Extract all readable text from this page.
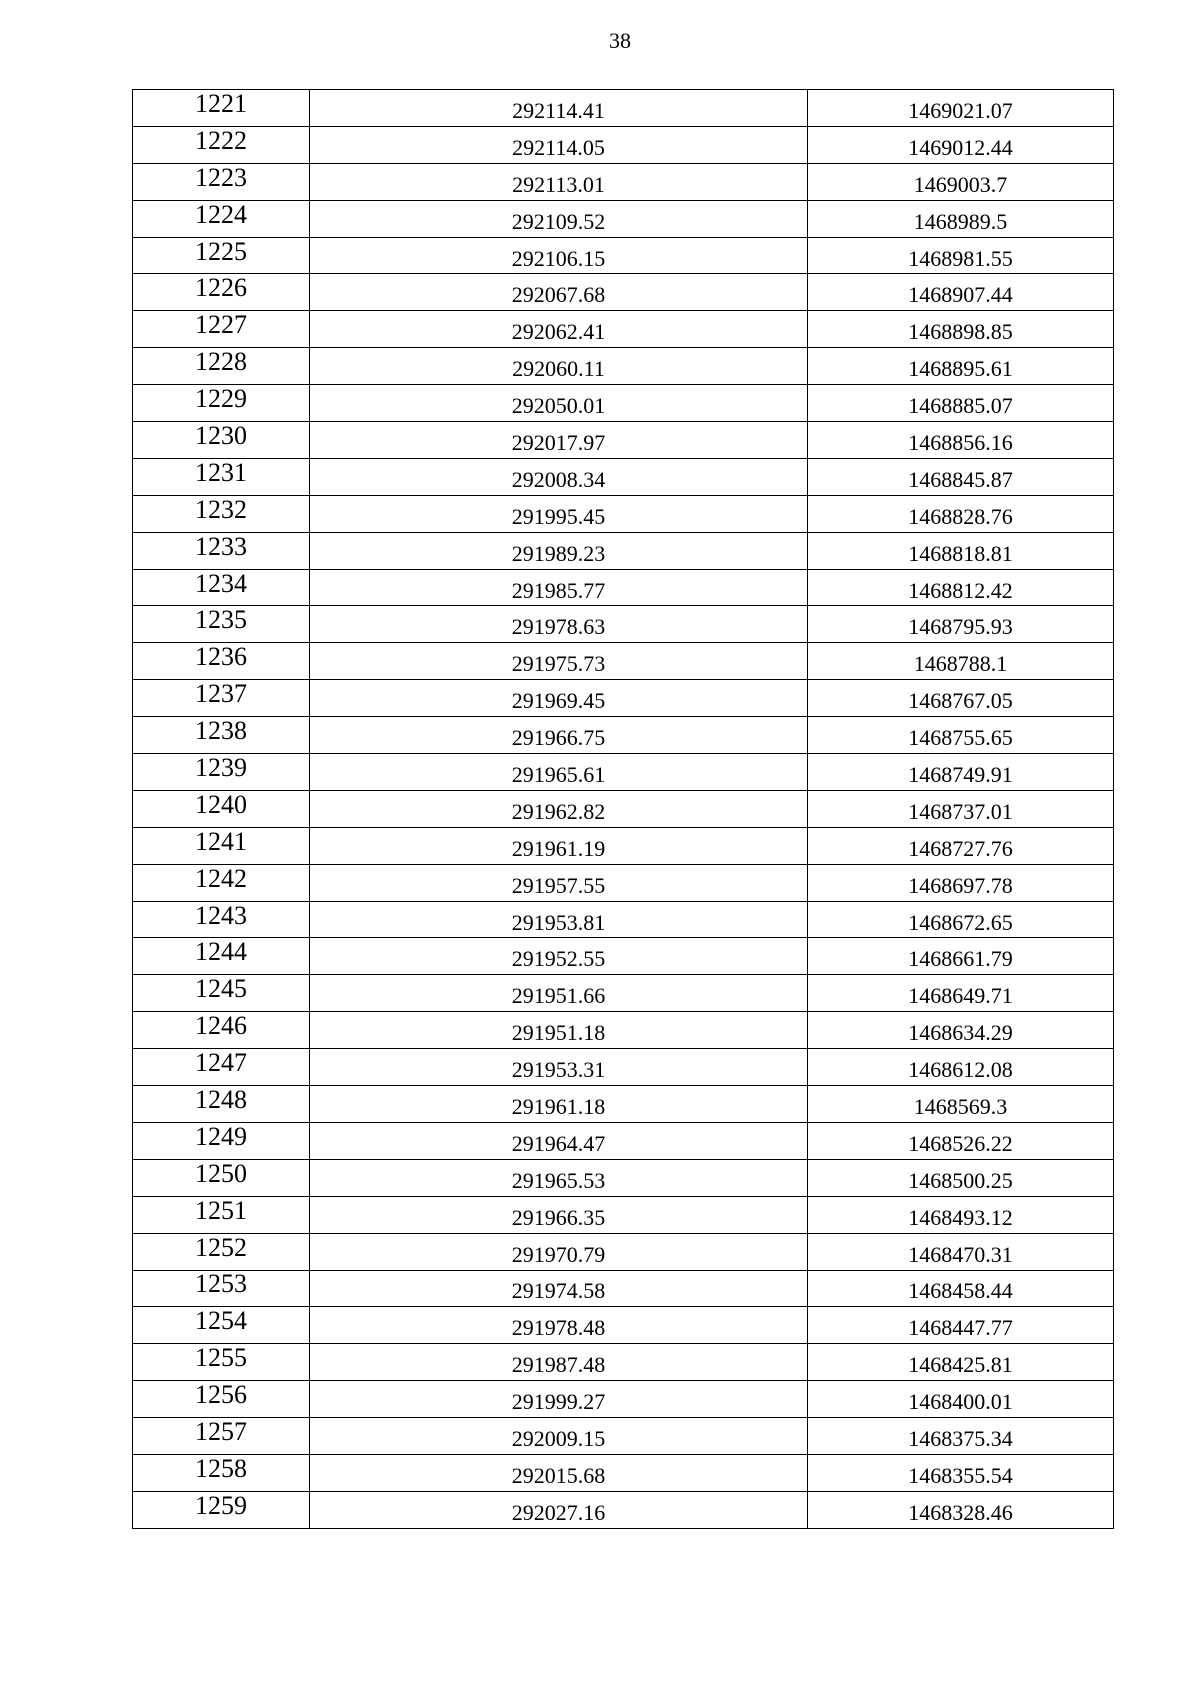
38
1221	292114.41	1469021.07
1222	292114.05	1469012.44
1223	292113.01	1469003.7
1224	292109.52	1468989.5
1225	292106.15	1468981.55
1226	292067.68	1468907.44
1227	292062.41	1468898.85
1228	292060.11	1468895.61
1229	292050.01	1468885.07
1230	292017.97	1468856.16
1231	292008.34	1468845.87
1232	291995.45	1468828.76
1233	291989.23	1468818.81
1234	291985.77	1468812.42
1235	291978.63	1468795.93
1236	291975.73	1468788.1
1237	291969.45	1468767.05
1238	291966.75	1468755.65
1239	291965.61	1468749.91
1240	291962.82	1468737.01
1241	291961.19	1468727.76
1242	291957.55	1468697.78
1243	291953.81	1468672.65
1244	291952.55	1468661.79
1245	291951.66	1468649.71
1246	291951.18	1468634.29
1247	291953.31	1468612.08
1248	291961.18	1468569.3
1249	291964.47	1468526.22
1250	291965.53	1468500.25
1251	291966.35	1468493.12
1252	291970.79	1468470.31
1253	291974.58	1468458.44
1254	291978.48	1468447.77
1255	291987.48	1468425.81
1256	291999.27	1468400.01
1257	292009.15	1468375.34
1258	292015.68	1468355.54
1259	292027.16	1468328.46
